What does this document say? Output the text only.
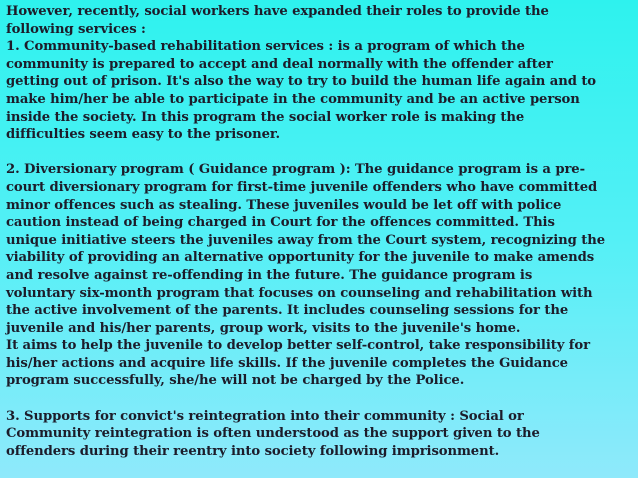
However, recently, social workers have expanded their roles to provide the
following services :
1. Community-based rehabilitation services : is a program of which the
community is prepared to accept and deal normally with the offender after
getting out of prison. It's also the way to try to build the human life again and to
make him/her be able to participate in the community and be an active person
inside the society. In this program the social worker role is making the
difficulties seem easy to the prisoner.

2. Diversionary program ( Guidance program ): The guidance program is a pre-
court diversionary program for first-time juvenile offenders who have committed
minor offences such as stealing. These juveniles would be let off with police
caution instead of being charged in Court for the offences committed. This
unique initiative steers the juveniles away from the Court system, recognizing the
viability of providing an alternative opportunity for the juvenile to make amends
and resolve against re-offending in the future. The guidance program is
voluntary six-month program that focuses on counseling and rehabilitation with
the active involvement of the parents. It includes counseling sessions for the
juvenile and his/her parents, group work, visits to the juvenile's home.
It aims to help the juvenile to develop better self-control, take responsibility for
his/her actions and acquire life skills. If the juvenile completes the Guidance
program successfully, she/he will not be charged by the Police.

3. Supports for convict's reintegration into their community : Social or
Community reintegration is often understood as the support given to the
offenders during their reentry into society following imprisonment.
